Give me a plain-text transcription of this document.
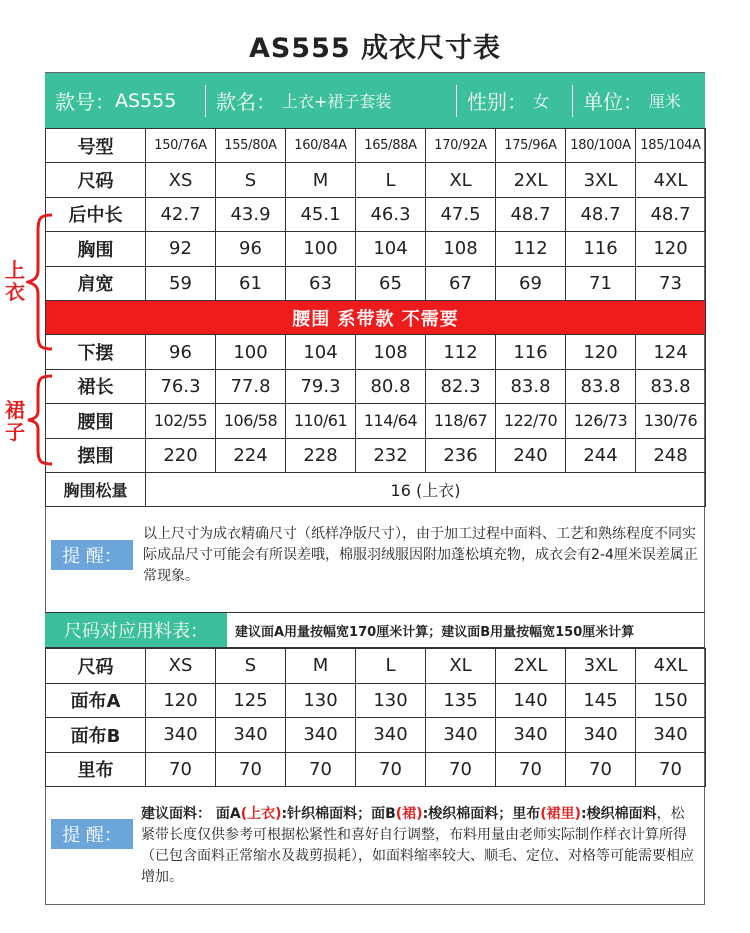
AS555 成衣尺寸表
款号： AS555 款名： 上衣+裙子套装	性别： 女 单位： 厘米
号型	150/76A	155/80A	160/84A	165/88A	170/92A	175/96A	180/100A	185/104A
尺码	XS	S	M	L	XL	2XL	3XL	4XL
后中长	42.7	43.9	45.1	46.3	47.5	48.7	48.7	48.7
胸围	92	96	100	104	108	112	116	120
肩宽	59	61	63	65	67	69	71	73
腰围 系带款 不需要								
下摆	96	100	104	108	112	116	120	124
裙长	76.3	77.8	79.3	80.8	82.3	83.8	83.8	83.8
腰围	102/55	106/58	110/61	114/64	118/67	122/70	126/73	130/76
摆围	220	224	228	232	236	240	244	248
胸围松量	16 (上衣)							
上衣
裙子
提 醒：
以上尺寸为成衣精确尺寸（纸样净版尺寸），由于加工过程中面料、工艺和熟练程度不同实际成品尺寸可能会有所误差哦，棉服羽绒服因附加蓬松填充物，成衣会有2-4厘米误差属正常现象。
尺码对应用料表：	建议面A用量按幅宽170厘米计算；建议面B用量按幅宽150厘米计算
尺码	XS	S	M	L	XL	2XL	3XL	4XL
面布A	120	125	130	130	135	140	145	150
面布B	340	340	340	340	340	340	340	340
里布	70	70	70	70	70	70	70	70
提 醒：
建议面料： 面A(上衣):针织棉面料；面B(裙):梭织棉面料；里布(裙里):梭织棉面料，松紧带长度仅供参考可根据松紧性和喜好自行调整，布料用量由老师实际制作样衣计算所得（已包含面料正常缩水及裁剪损耗），如面料缩率较大、顺毛、定位、对格等可能需要相应增加。
